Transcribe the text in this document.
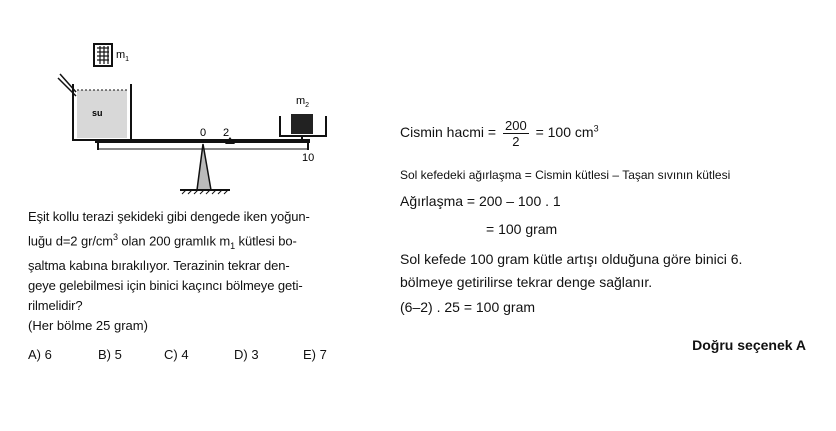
$m_1$
su
$m_2$
0 2
10
Eşit kollu terazi şekideki gibi dengede iken yoğun-
luğu d=2 $gr/cm^3$ olan 200 gramlık $m_1$ kütlesi bo-
şaltma kabına bırakılıyor. Terazinin tekrar den-
geye gelebilmesi için binici kaçıncı bölmeye geti-
rilmelidir?
(Her bölme 25 gram)
A) 6	B) 5	C) 4	D) 3	E) 7
Cismin hacmi = $\frac{200}{2} = 100$ $cm^3$
Sol kefedeki ağırlaşma = Cismin kütlesi – Taşan sıvının kütlesi
Ağırlaşma = 200 – 100 . 1
= 100 gram
Sol kefede 100 gram kütle artışı olduğuna göre binici 6.
bölmeye getirilirse tekrar denge sağlanır.
(6–2) . 25 = 100 gram
Doğru seçenek A
